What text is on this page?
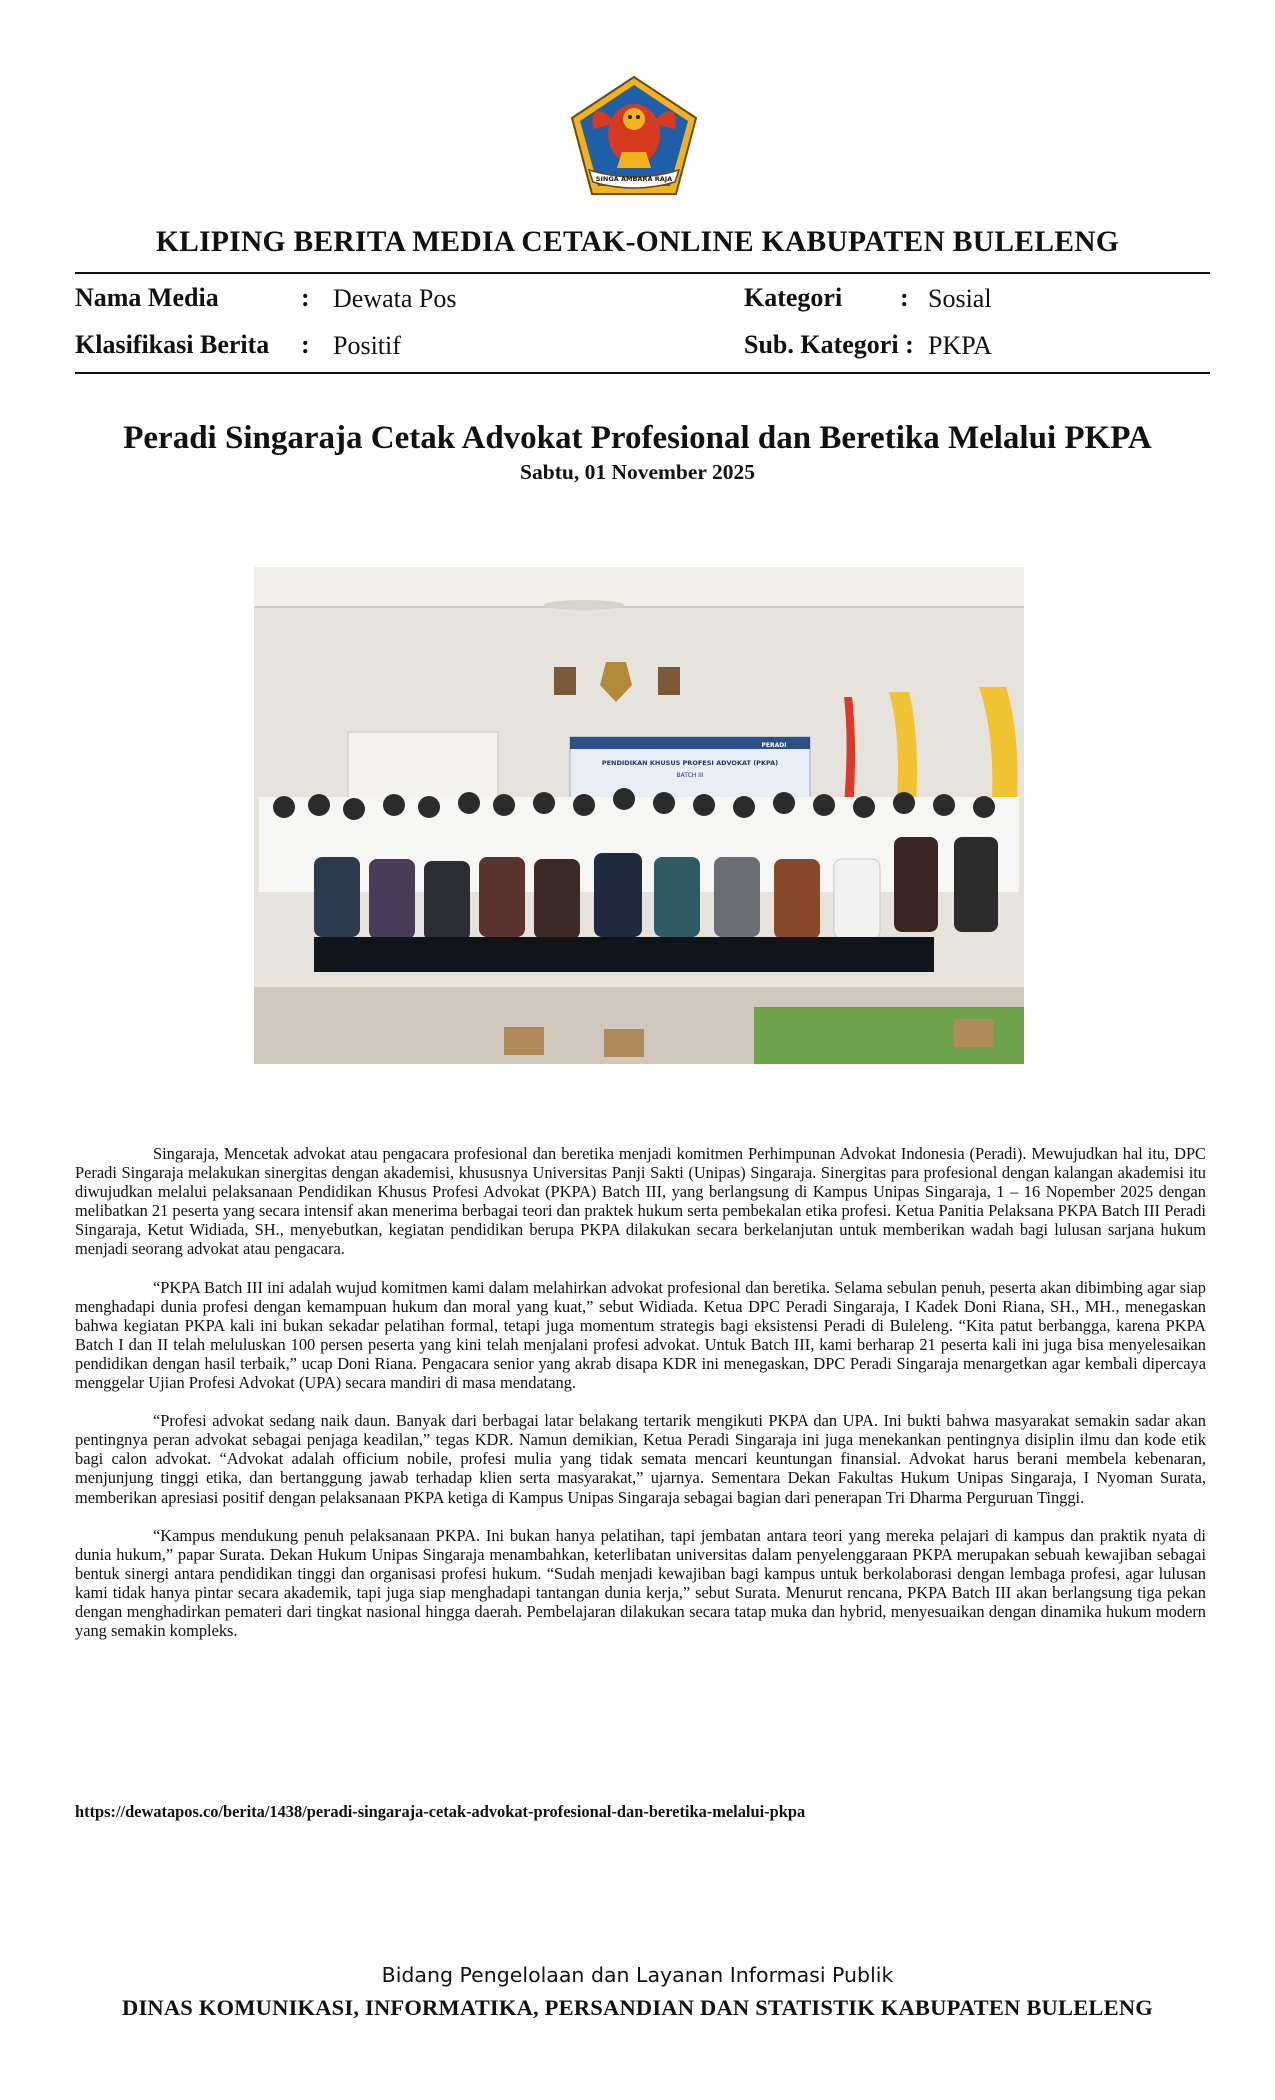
SINGA AMBARA RAJA
KLIPING BERITA MEDIA CETAK-ONLINE KABUPATEN BULELENG
Nama Media	: Dewata Pos
Klasifikasi Berita : Positif
Kategori : Sosial
Sub. Kategori : PKPA
Peradi Singaraja Cetak Advokat Profesional dan Beretika Melalui PKPA
Sabtu, 01 November 2025
PENDIDIKAN KHUSUS PROFESI ADVOKAT (PKPA)
BATCH III
PERADI

Singaraja, Mencetak advokat atau pengacara profesional dan beretika menjadi komitmen Perhimpunan Advokat Indonesia (Peradi). Mewujudkan hal itu, DPC Peradi Singaraja melakukan sinergitas dengan akademisi, khususnya Universitas Panji Sakti (Unipas) Singaraja. Sinergitas para profesional dengan kalangan akademisi itu diwujudkan melalui pelaksanaan Pendidikan Khusus Profesi Advokat (PKPA) Batch III, yang berlangsung di Kampus Unipas Singaraja, 1 – 16 Nopember 2025 dengan melibatkan 21 peserta yang secara intensif akan menerima berbagai teori dan praktek hukum serta pembekalan etika profesi. Ketua Panitia Pelaksana PKPA Batch III Peradi Singaraja, Ketut Widiada, SH., menyebutkan, kegiatan pendidikan berupa PKPA dilakukan secara berkelanjutan untuk memberikan wadah bagi lulusan sarjana hukum menjadi seorang advokat atau pengacara.

“PKPA Batch III ini adalah wujud komitmen kami dalam melahirkan advokat profesional dan beretika. Selama sebulan penuh, peserta akan dibimbing agar siap menghadapi dunia profesi dengan kemampuan hukum dan moral yang kuat,” sebut Widiada. Ketua DPC Peradi Singaraja, I Kadek Doni Riana, SH., MH., menegaskan bahwa kegiatan PKPA kali ini bukan sekadar pelatihan formal, tetapi juga momentum strategis bagi eksistensi Peradi di Buleleng. “Kita patut berbangga, karena PKPA Batch I dan II telah meluluskan 100 persen peserta yang kini telah menjalani profesi advokat. Untuk Batch III, kami berharap 21 peserta kali ini juga bisa menyelesaikan pendidikan dengan hasil terbaik,” ucap Doni Riana. Pengacara senior yang akrab disapa KDR ini menegaskan, DPC Peradi Singaraja menargetkan agar kembali dipercaya menggelar Ujian Profesi Advokat (UPA) secara mandiri di masa mendatang.

“Profesi advokat sedang naik daun. Banyak dari berbagai latar belakang tertarik mengikuti PKPA dan UPA. Ini bukti bahwa masyarakat semakin sadar akan pentingnya peran advokat sebagai penjaga keadilan,” tegas KDR. Namun demikian, Ketua Peradi Singaraja ini juga menekankan pentingnya disiplin ilmu dan kode etik bagi calon advokat. “Advokat adalah officium nobile, profesi mulia yang tidak semata mencari keuntungan finansial. Advokat harus berani membela kebenaran, menjunjung tinggi etika, dan bertanggung jawab terhadap klien serta masyarakat,” ujarnya. Sementara Dekan Fakultas Hukum Unipas Singaraja, I Nyoman Surata, memberikan apresiasi positif dengan pelaksanaan PKPA ketiga di Kampus Unipas Singaraja sebagai bagian dari penerapan Tri Dharma Perguruan Tinggi.

“Kampus mendukung penuh pelaksanaan PKPA. Ini bukan hanya pelatihan, tapi jembatan antara teori yang mereka pelajari di kampus dan praktik nyata di dunia hukum,” papar Surata. Dekan Hukum Unipas Singaraja menambahkan, keterlibatan universitas dalam penyelenggaraan PKPA merupakan sebuah kewajiban sebagai bentuk sinergi antara pendidikan tinggi dan organisasi profesi hukum. “Sudah menjadi kewajiban bagi kampus untuk berkolaborasi dengan lembaga profesi, agar lulusan kami tidak hanya pintar secara akademik, tapi juga siap menghadapi tantangan dunia kerja,” sebut Surata. Menurut rencana, PKPA Batch III akan berlangsung tiga pekan dengan menghadirkan pemateri dari tingkat nasional hingga daerah. Pembelajaran dilakukan secara tatap muka dan hybrid, menyesuaikan dengan dinamika hukum modern yang semakin kompleks.

https://dewatapos.co/berita/1438/peradi-singaraja-cetak-advokat-profesional-dan-beretika-melalui-pkpa
Bidang Pengelolaan dan Layanan Informasi Publik
DINAS KOMUNIKASI, INFORMATIKA, PERSANDIAN DAN STATISTIK KABUPATEN BULELENG
